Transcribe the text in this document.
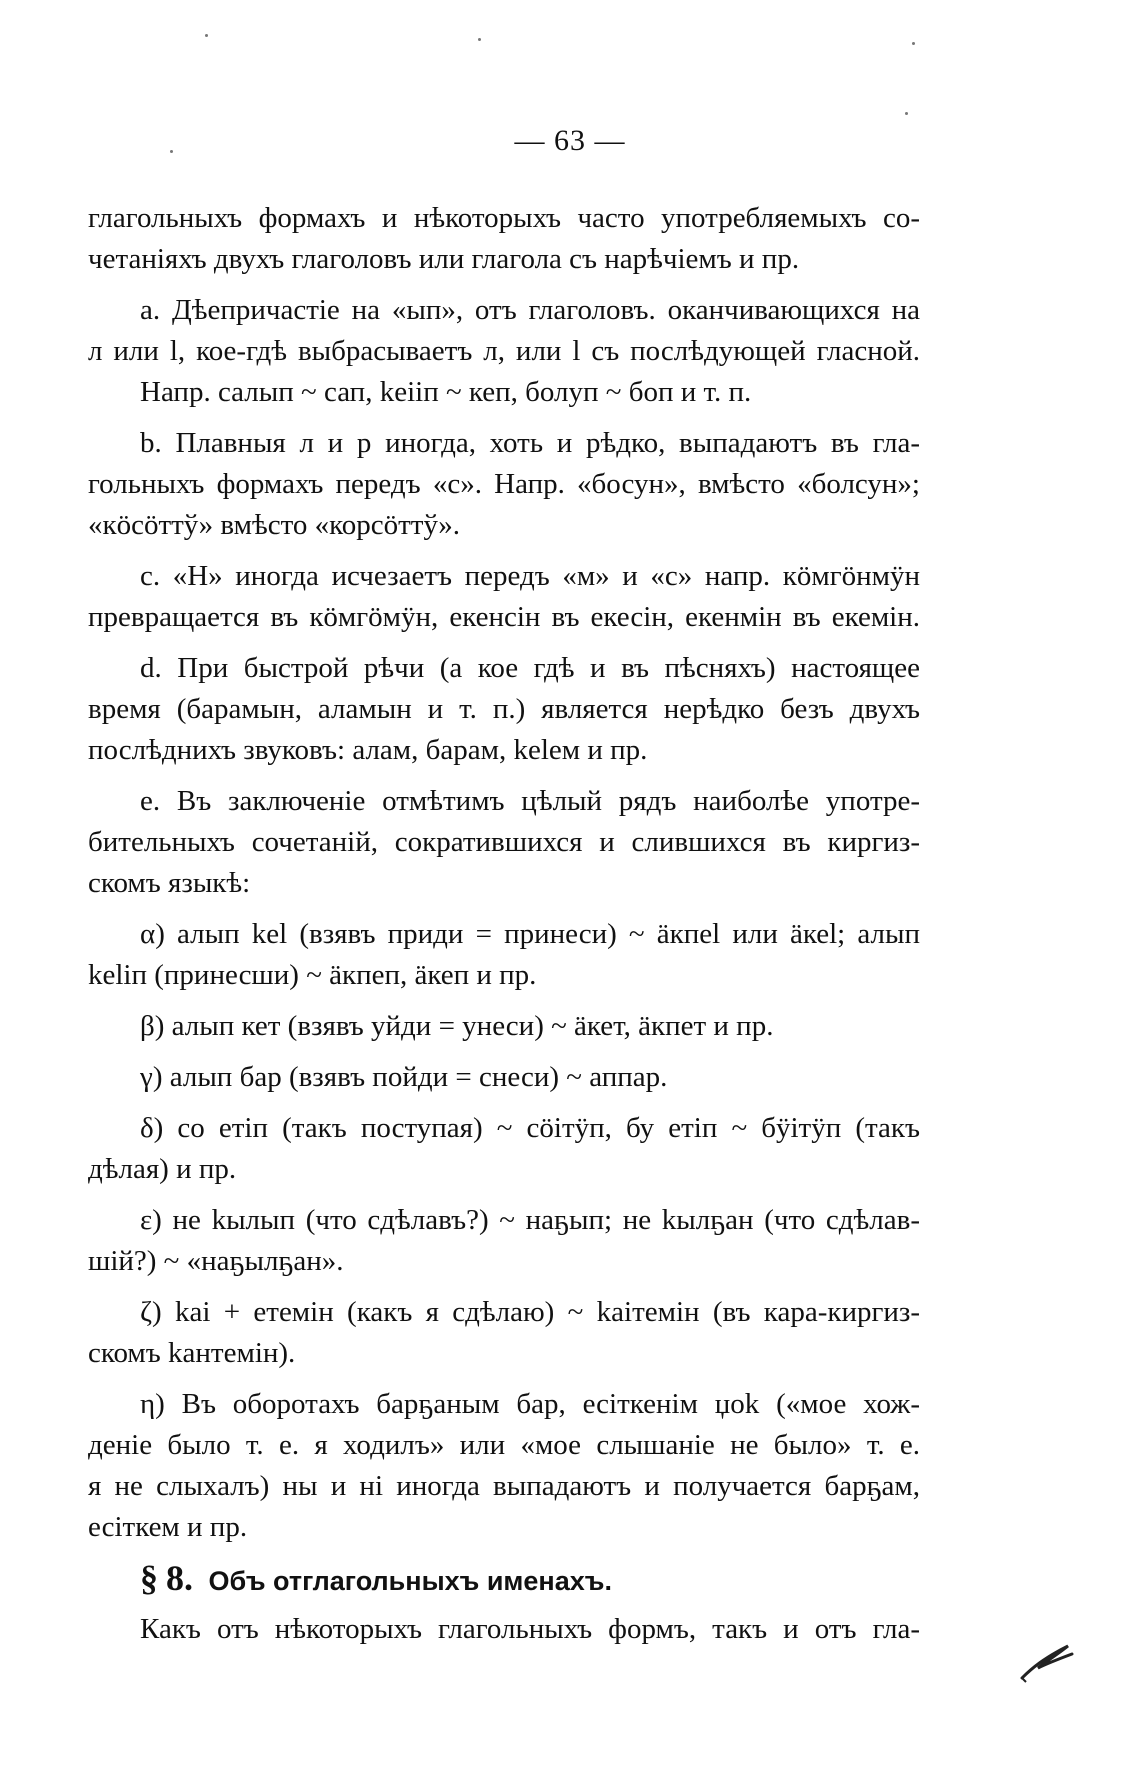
— 63 —
глагольныхъ формахъ и нѣкоторыхъ часто употребляемыхъ со-
четаніяхъ двухъ глаголовъ или глагола съ нарѣчіемъ и пр.
a. Дѣепричастіе на «ып», отъ глаголовъ. оканчивающихся на
л или l, кое-гдѣ выбрасываетъ л, или l съ послѣдующей гласной.
Напр. салып ~ сап, keiiп ~ кеп, болуп ~ боп и т. п.
b. Плавныя л и р иногда, хоть и рѣдко, выпадаютъ въ гла-
гольныхъ формахъ передъ «с». Напр. «босун», вмѣсто «болсун»;
«кӧсӧттў» вмѣсто «корсӧттў».
c. «Н» иногда исчезаетъ передъ «м» и «с» напр. кӧмгӧнмӱн
превращается въ кӧмгӧмӱн, екенсiн въ екесiн, екенмiн въ екемiн.
d. При быстрой рѣчи (а кое гдѣ и въ пѣсняхъ) настоящее
время (барамын, аламын и т. п.) является нерѣдко безъ двухъ
послѣднихъ звуковъ: алам, барам, keleм и пр.
e. Въ заключеніе отмѣтимъ цѣлый рядъ наиболѣе употре-
бительныхъ сочетаній, сократившихся и слившихся въ киргиз-
скомъ языкѣ:
α) алып kel (взявъ приди = принеси) ~ ӓкпеl или ӓкеl; алып
keliп (принесши) ~ ӓкпеп, ӓкеп и пр.
β) алып кет (взявъ уйди = унеси) ~ ӓкет, ӓкпет и пр.
γ) алып бар (взявъ пойди = снеси) ~ аппар.
δ) со етiп (такъ поступая) ~ сӧiтӱп, бу етiп ~ бӱiтӱп (такъ
дѣлая) и пр.
ε) не kылып (что сдѣлавъ?) ~ наҕып; не kылҕан (что сдѣлав-
шiй?) ~ «наҕылҕан».
ζ) kai + етемiн (какъ я сдѣлаю) ~ kaiтемiн (въ кара-киргиз-
скомъ kантемiн).
η) Въ оборотахъ барҕаным бар, есiткенiм џоk («мое хож-
деніе было т. е. я ходилъ» или «мое слышаніе не было» т. е.
я не слыхалъ) ны и нi иногда выпадаютъ и получается барҕам,
есiткем и пр.
§ 8. Объ отглагольныхъ именахъ.
Какъ отъ нѣкоторыхъ глагольныхъ формъ, такъ и отъ гла-
